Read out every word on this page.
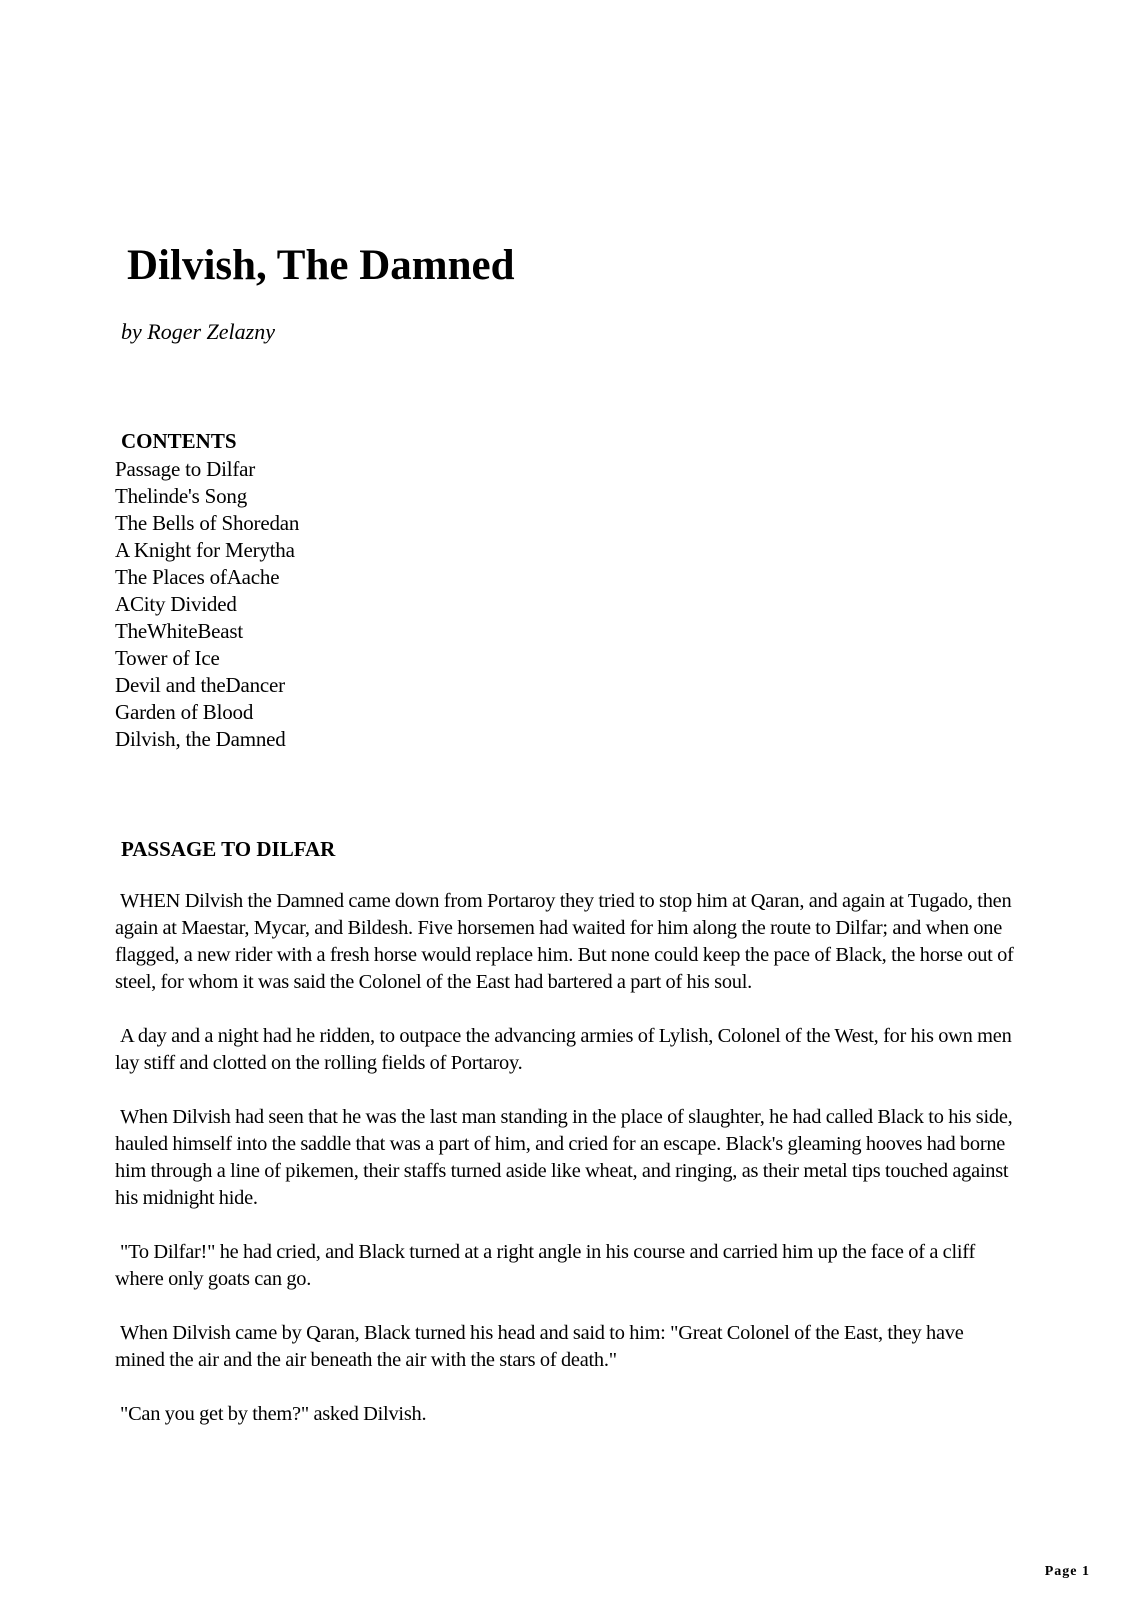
Dilvish, The Damned

by Roger Zelazny

CONTENTS
Passage to Dilfar
Thelinde's Song
The Bells of Shoredan
A Knight for Merytha
The Places ofAache
ACity Divided
TheWhiteBeast
Tower of Ice
Devil and theDancer
Garden of Blood
Dilvish, the Damned
PASSAGE TO DILFAR

WHEN Dilvish the Damned came down from Portaroy they tried to stop him at Qaran, and again at Tugado, then again at Maestar, Mycar, and Bildesh. Five horsemen had waited for him along the route to Dilfar; and when one flagged, a new rider with a fresh horse would replace him. But none could keep the pace of Black, the horse out of steel, for whom it was said the Colonel of the East had bartered a part of his soul.

A day and a night had he ridden, to outpace the advancing armies of Lylish, Colonel of the West, for his own men lay stiff and clotted on the rolling fields of Portaroy.

When Dilvish had seen that he was the last man standing in the place of slaughter, he had called Black to his side, hauled himself into the saddle that was a part of him, and cried for an escape. Black's gleaming hooves had borne him through a line of pikemen, their staffs turned aside like wheat, and ringing, as their metal tips touched against his midnight hide.

"To Dilfar!" he had cried, and Black turned at a right angle in his course and carried him up the face of a cliff where only goats can go.

When Dilvish came by Qaran, Black turned his head and said to him: "Great Colonel of the East, they have mined the air and the air beneath the air with the stars of death."

"Can you get by them?" asked Dilvish.

Page 1
